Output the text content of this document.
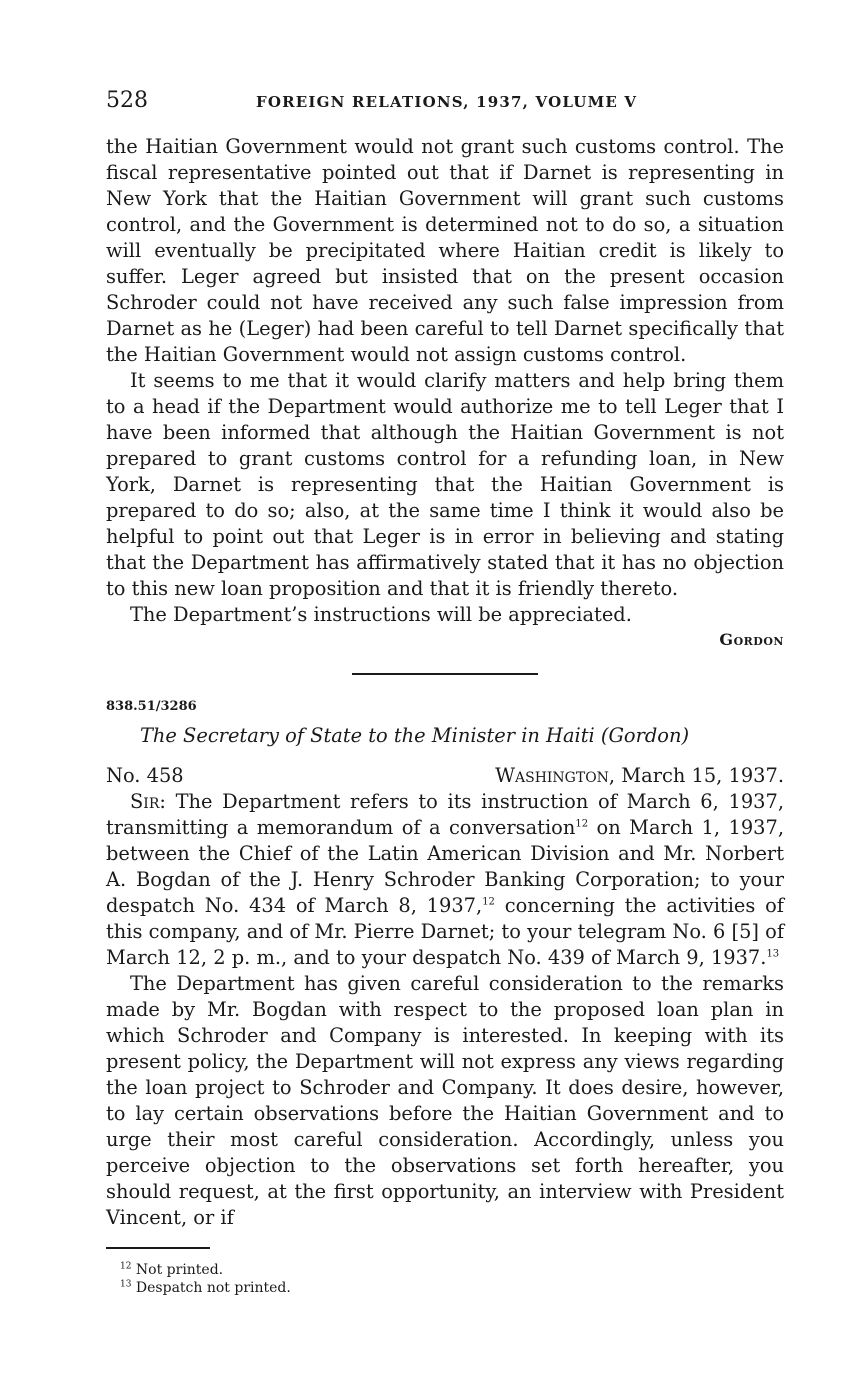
528	FOREIGN RELATIONS, 1937, VOLUME V

the Haitian Government would not grant such customs control. The fiscal representative pointed out that if Darnet is representing in New York that the Haitian Government will grant such customs control, and the Government is determined not to do so, a situation will eventually be precipitated where Haitian credit is likely to suffer. Leger agreed but insisted that on the present occasion Schroder could not have received any such false impression from Darnet as he (Leger) had been careful to tell Darnet specifically that the Haitian Government would not assign customs control.

It seems to me that it would clarify matters and help bring them to a head if the Department would authorize me to tell Leger that I have been informed that although the Haitian Government is not prepared to grant customs control for a refunding loan, in New York, Darnet is representing that the Haitian Government is prepared to do so; also, at the same time I think it would also be helpful to point out that Leger is in error in believing and stating that the Department has affirmatively stated that it has no objection to this new loan proposition and that it is friendly thereto.

The Department’s instructions will be appreciated.

Gordon
838.51/3286
The Secretary of State to the Minister in Haiti (Gordon)
No. 458	Washington, March 15, 1937.

Sir: The Department refers to its instruction of March 6, 1937, transmitting a memorandum of a conversation$^{12}$ on March 1, 1937, between the Chief of the Latin American Division and Mr. Norbert A. Bogdan of the J. Henry Schroder Banking Corporation; to your despatch No. 434 of March 8, 1937,12 concerning the activities of this company, and of Mr. Pierre Darnet; to your telegram No. 6 [5] of March 12, 2 p. m., and to your despatch No. 439 of March 9, 1937.13

The Department has given careful consideration to the remarks made by Mr. Bogdan with respect to the proposed loan plan in which Schroder and Company is interested. In keeping with its present policy, the Department will not express any views regarding the loan project to Schroder and Company. It does desire, however, to lay certain observations before the Haitian Government and to urge their most careful consideration. Accordingly, unless you perceive objection to the observations set forth hereafter, you should request, at the first opportunity, an interview with President Vincent, or if

$^{12}$ Not printed.
$^{13}$ Despatch not printed.
